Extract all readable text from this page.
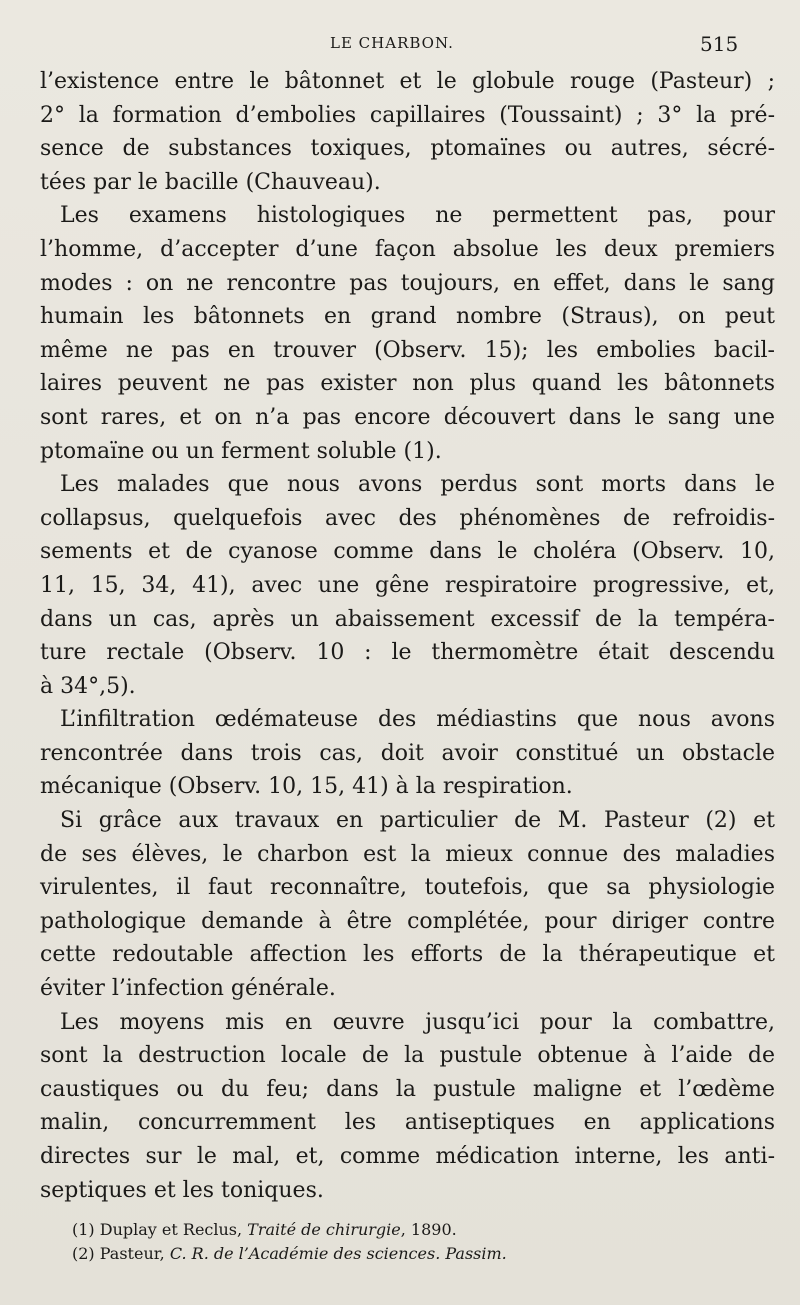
LE CHARBON.	515
l’existence entre le bâtonnet et le globule rouge (Pasteur) ;
2° la formation d’embolies capillaires (Toussaint) ; 3° la pré-
sence de substances toxiques, ptomaïnes ou autres, sécré-
tées par le bacille (Chauveau).
Les examens histologiques ne permettent pas, pour
l’homme, d’accepter d’une façon absolue les deux premiers
modes : on ne rencontre pas toujours, en effet, dans le sang
humain les bâtonnets en grand nombre (Straus), on peut
même ne pas en trouver (Observ. 15); les embolies bacil-
laires peuvent ne pas exister non plus quand les bâtonnets
sont rares, et on n’a pas encore découvert dans le sang une
ptomaïne ou un ferment soluble (1).
Les malades que nous avons perdus sont morts dans le
collapsus, quelquefois avec des phénomènes de refroidis-
sements et de cyanose comme dans le choléra (Observ. 10,
11, 15, 34, 41), avec une gêne respiratoire progressive, et,
dans un cas, après un abaissement excessif de la tempéra-
ture rectale (Observ. 10 : le thermomètre était descendu
à 34°,5).
L’infiltration œdémateuse des médiastins que nous avons
rencontrée dans trois cas, doit avoir constitué un obstacle
mécanique (Observ. 10, 15, 41) à la respiration.
Si grâce aux travaux en particulier de M. Pasteur (2) et
de ses élèves, le charbon est la mieux connue des maladies
virulentes, il faut reconnaître, toutefois, que sa physiologie
pathologique demande à être complétée, pour diriger contre
cette redoutable affection les efforts de la thérapeutique et
éviter l’infection générale.
Les moyens mis en œuvre jusqu’ici pour la combattre,
sont la destruction locale de la pustule obtenue à l’aide de
caustiques ou du feu; dans la pustule maligne et l’œdème
malin, concurremment les antiseptiques en applications
directes sur le mal, et, comme médication interne, les anti-
septiques et les toniques.
(1) Duplay et Reclus, Traité de chirurgie, 1890.
(2) Pasteur, C. R. de l’Académie des sciences. Passim.
